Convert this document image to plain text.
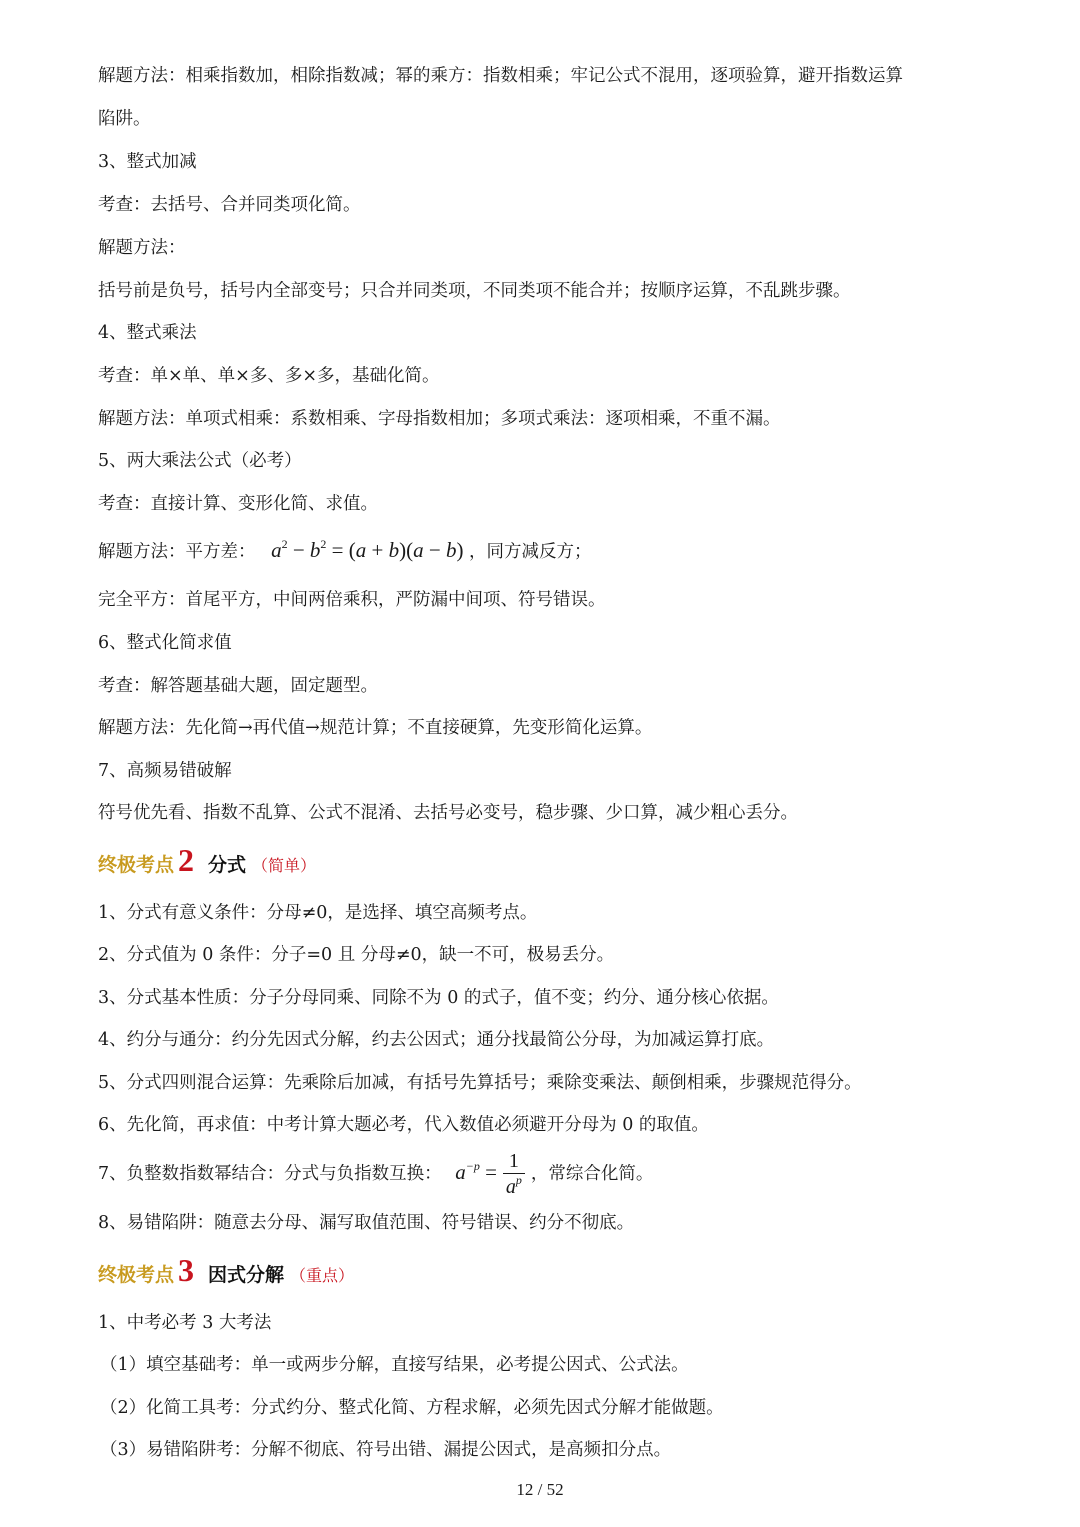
解题方法：相乘指数加，相除指数减；幂的乘方：指数相乘；牢记公式不混用，逐项验算，避开指数运算
陷阱。
3、整式加减
考查：去括号、合并同类项化简。
解题方法：
括号前是负号，括号内全部变号；只合并同类项，不同类项不能合并；按顺序运算，不乱跳步骤。
4、整式乘法
考查：单×单、单×多、多×多，基础化简。
解题方法：单项式相乘：系数相乘、字母指数相加；多项式乘法：逐项相乘，不重不漏。
5、两大乘法公式（必考）
考查：直接计算、变形化简、求值。
解题方法：平方差： $a^2 - b^2 = (a + b)(a - b)$ ，同方减反方；
完全平方：首尾平方，中间两倍乘积，严防漏中间项、符号错误。
6、整式化简求值
考查：解答题基础大题，固定题型。
解题方法：先化简→再代值→规范计算；不直接硬算，先变形简化运算。
7、高频易错破解
符号优先看、指数不乱算、公式不混淆、去括号必变号，稳步骤、少口算，减少粗心丢分。
终极考点 2 分式 （简单）
1、分式有意义条件：分母≠0，是选择、填空高频考点。
2、分式值为 0 条件：分子=0 且 分母≠0，缺一不可，极易丢分。
3、分式基本性质：分子分母同乘、同除不为 0 的式子，值不变；约分、通分核心依据。
4、约分与通分：约分先因式分解，约去公因式；通分找最简公分母，为加减运算打底。
5、分式四则混合运算：先乘除后加减，有括号先算括号；乘除变乘法、颠倒相乘，步骤规范得分。
6、先化简，再求值：中考计算大题必考，代入数值必须避开分母为 0 的取值。
7、负整数指数幂结合：分式与负指数互换： $a^{-p} = \frac{1}{a^p}$ ，常综合化简。
8、易错陷阱：随意去分母、漏写取值范围、符号错误、约分不彻底。
终极考点 3 因式分解 （重点）
1、中考必考 3 大考法
（1）填空基础考：单一或两步分解，直接写结果，必考提公因式、公式法。
（2）化简工具考：分式约分、整式化简、方程求解，必须先因式分解才能做题。
（3）易错陷阱考：分解不彻底、符号出错、漏提公因式，是高频扣分点。
12 / 52
